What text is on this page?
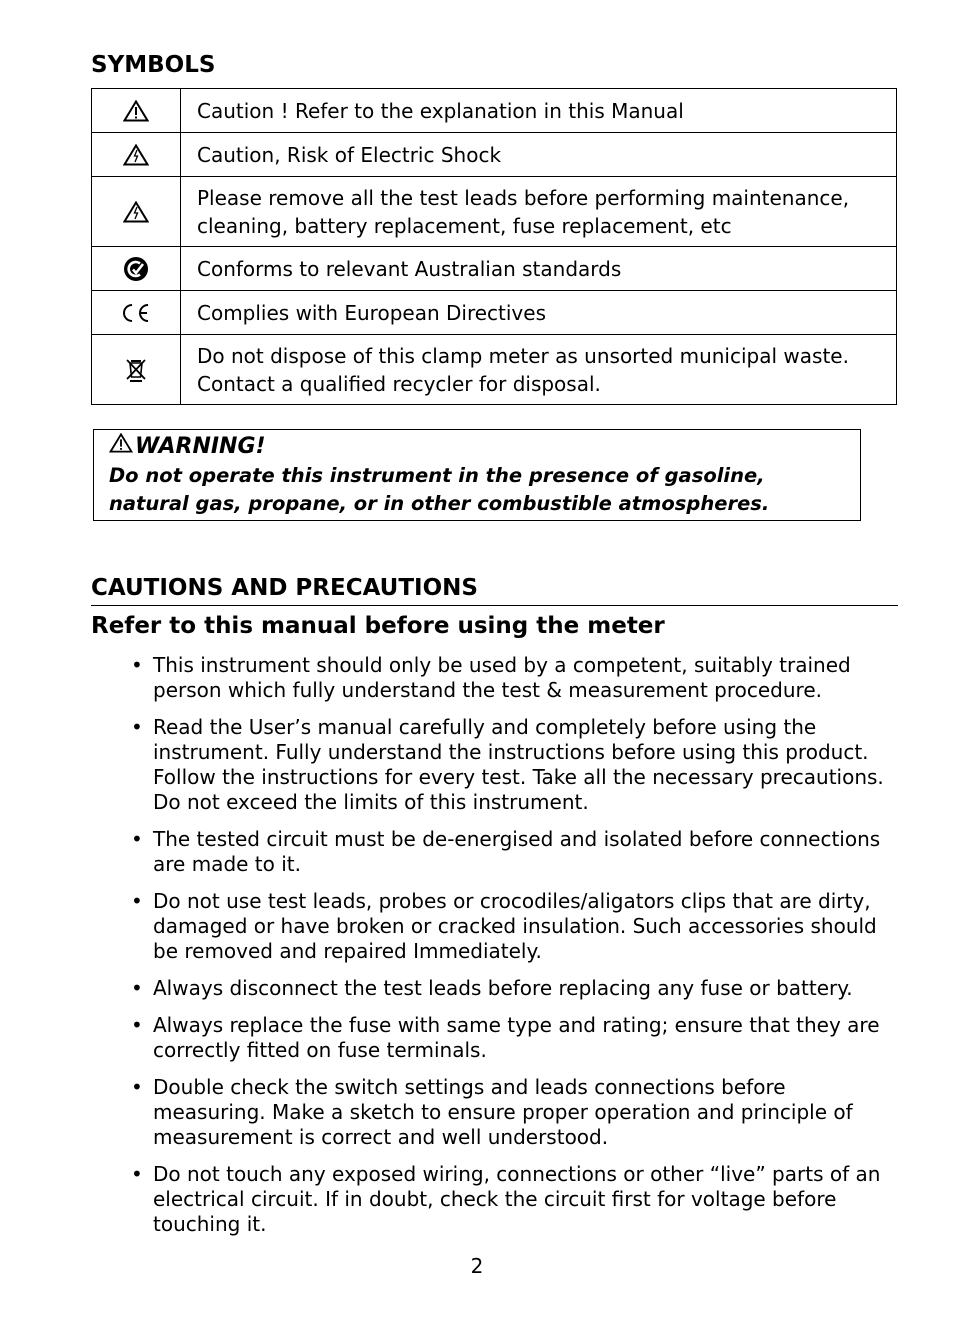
SYMBOLS
	Caution ! Refer to the explanation in this Manual

	Caution, Risk of Electric Shock

	Please remove all the test leads before performing maintenance, cleaning, battery replacement, fuse replacement, etc

	Conforms to relevant Australian standards

	Complies with European Directives

	Do not dispose of this clamp meter as unsorted municipal waste. Contact a qualified recycler for disposal.
WARNING!
Do not operate this instrument in the presence of gasoline, natural gas, propane, or in other combustible atmospheres.
CAUTIONS AND PRECAUTIONS
Refer to this manual before using the meter
• This instrument should only be used by a competent, suitably trained person which fully understand the test & measurement procedure.
• Read the User’s manual carefully and completely before using the instrument. Fully understand the instructions before using this product. Follow the instructions for every test. Take all the necessary precautions. Do not exceed the limits of this instrument.
• The tested circuit must be de-energised and isolated before connections are made to it.
• Do not use test leads, probes or crocodiles/aligators clips that are dirty, damaged or have broken or cracked insulation. Such accessories should be removed and repaired Immediately.
• Always disconnect the test leads before replacing any fuse or battery.
• Always replace the fuse with same type and rating; ensure that they are correctly fitted on fuse terminals.
• Double check the switch settings and leads connections before measuring. Make a sketch to ensure proper operation and principle of measurement is correct and well understood.
• Do not touch any exposed wiring, connections or other “live” parts of an electrical circuit. If in doubt, check the circuit first for voltage before touching it.
2
